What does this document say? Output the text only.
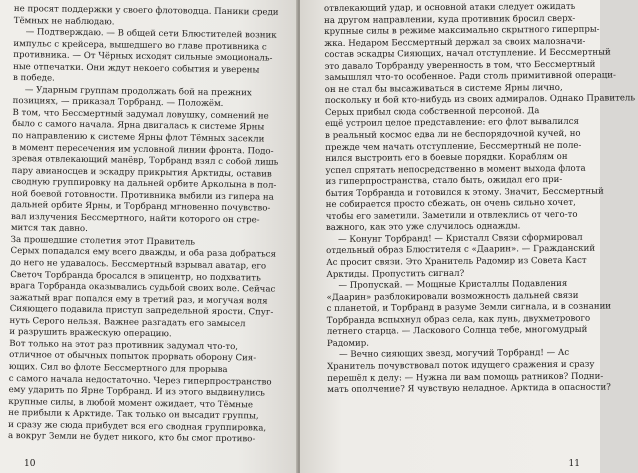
не просят поддержки у своего флотоводца. Паники среди
Тёмных не наблюдаю.
— Подтверждаю. — В общей сети Блюстителей возник
импульс с крейсера, вышедшего во главе противника с
противника. — От Чёрных исходят сильные эмоциональ-
ные отпечатки. Они ждут некоего события и уверены
в победе.
— Ударным группам продолжать бой на прежних
позициях, — приказал Торбранд. — Положём.
В том, что Бессмертный задумал ловушку, сомнений не
было с самого начала. Ярна двигалась к системе Ярны
по направлению к системе Ярны флот Тёмных засекли
в момент пересечения им условной линии фронта. Подо-
зревая отвлекающий манёвр, Торбранд взял с собой лишь
пару авианосцев и эскадру прикрытия Арктиды, оставив
сводную группировку на дальней орбите Арколына в пол-
ной боевой готовности. Противника выбили из гипера на
дальней орбите Ярны, и Торбранд мгновенно почувство-
вал излучения Бессмертного, найти которого он стре-
мится так давно.
За прошедшие столетия этот Правитель
Серых попадался ему всего дважды, и оба раза добраться
до него не удавалось. Бессмертный взрывал аватар, его
Светоч Торбранда бросался в эпицентр, но подхватить
врага Торбранда оказывались судьбой своих воле. Сейчас
зажатый враг попался ему в третий раз, и могучая воля
Сияющего подавила приступ запредельной ярости. Спуг-
нуть Серого нельзя. Важнее разгадать его замысел
и разрушить вражескую операцию.
Вот только на этот раз противник задумал что-то,
отличное от обычных попыток прорвать оборону Сия-
ющих. Сил во флоте Бессмертного для прорыва
с самого начала недостаточно. Через гиперпространство
ему ударить по Ярне Торбранд. И из этого выдвинулись
крупные силы, в любой момент ожидает, что Тёмные
не прибыли к Арктиде. Так только он высадит группы,
и сразу же сюда прибудет вся его сводная группировка,
а вокруг Земли не будет никого, кто бы смог противо-
10
отвлекающий удар, и основной атаки следует ожидать
на другом направлении, куда противник бросил сверх-
крупные силы в режиме максимально скрытного гиперпры-
жка. Недаром Бессмертный держал за своих малозначи-
состав эскадры Сияющих, начал отступление. И Бессмертный
это давало Торбранду уверенность в том, что Бессмертный
замышлял что-то особенное. Ради столь примитивной операци-
он не стал бы высаживаться в системе Ярны лично,
поскольку и бой кто-нибудь из своих адмиралов. Однако Правитель
Серых прибыл сюда собственной персоной. Да
ещё устроил целое представление: его флот вывалился
в реальный космос едва ли не беспорядочной кучей, но
прежде чем начать отступление, Бессмертный не поле-
нился выстроить его в боевые порядки. Кораблям он
успел спрятать непосредственно в момент выхода флота
из гиперпространства, стало быть, ожидал его при-
бытия Торбранда и готовился к этому. Значит, Бессмертный
не собирается просто сбежать, он очень сильно хочет,
чтобы его заметили. Заметили и отвлеклись от чего-то
важного, как это уже случилось однажды.
— Конунг Торбранд! — Кристалл Связи сформировал
отдельный образ Блюстителя с «Даарин». — Гражданский
Ас просит связи. Это Хранитель Радомир из Совета Каст
Арктиды. Пропустить сигнал?
— Пропускай. — Мощные Кристаллы Подавления
«Даарин» разблокировали возможность дальней связи
с планетой, и Торбранд в разуме Земли сигнала, и в сознании
Торбранда вспыхнул образ села, как лунь, двухметрового
летнего старца. — Ласкового Солнца тебе, многомудрый
Радомир.
— Вечно сияющих звезд, могучий Торбранд! — Ас
Хранитель почувствовал поток идущего сражения и сразу
перешёл к делу: — Нужна ли вам помощь ратников? Подни-
мать ополчение? Я чувствую неладное. Арктида в опасности?
11
